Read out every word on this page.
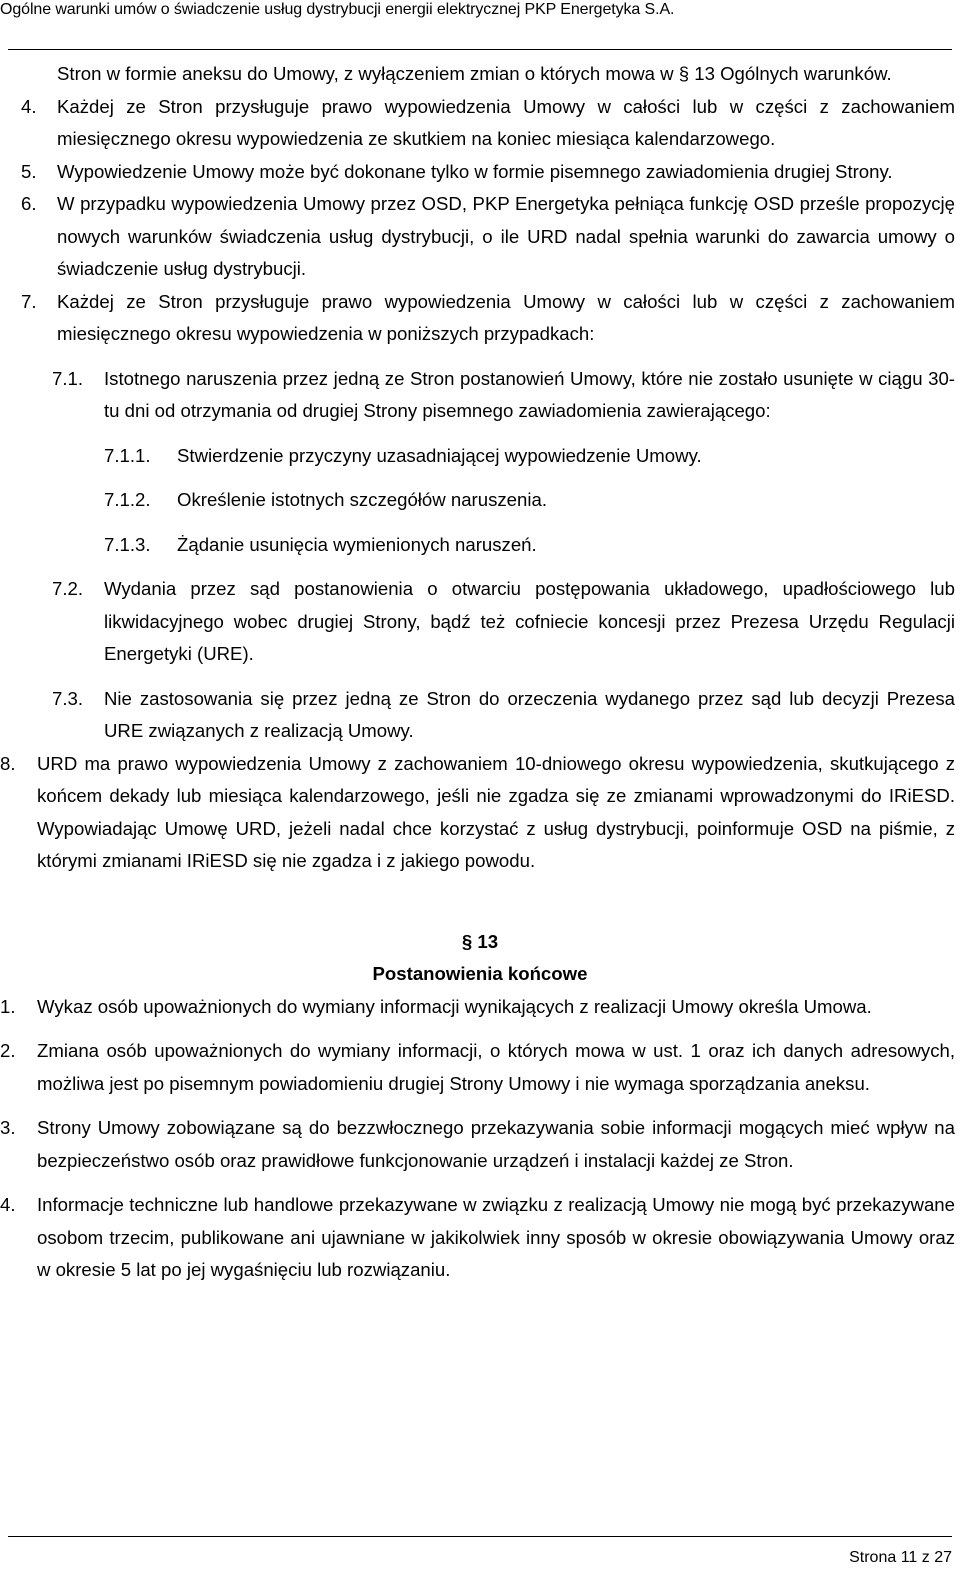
Ogólne warunki umów o świadczenie usług dystrybucji energii elektrycznej PKP Energetyka S.A.

Stron w formie aneksu do Umowy, z wyłączeniem zmian o których mowa w § 13 Ogólnych warunków.

4. Każdej ze Stron przysługuje prawo wypowiedzenia Umowy w całości lub w części z zachowaniem miesięcznego okresu wypowiedzenia ze skutkiem na koniec miesiąca kalendarzowego.
5. Wypowiedzenie Umowy może być dokonane tylko w formie pisemnego zawiadomienia drugiej Strony.
6. W przypadku wypowiedzenia Umowy przez OSD, PKP Energetyka pełniąca funkcję OSD prześle propozycję nowych warunków świadczenia usług dystrybucji, o ile URD nadal spełnia warunki do zawarcia umowy o świadczenie usług dystrybucji.
7. Każdej ze Stron przysługuje prawo wypowiedzenia Umowy w całości lub w części z zachowaniem miesięcznego okresu wypowiedzenia w poniższych przypadkach:
7.1. Istotnego naruszenia przez jedną ze Stron postanowień Umowy, które nie zostało usunięte w ciągu 30-tu dni od otrzymania od drugiej Strony pisemnego zawiadomienia zawierającego:
7.1.1. Stwierdzenie przyczyny uzasadniającej wypowiedzenie Umowy.
7.1.2. Określenie istotnych szczegółów naruszenia.
7.1.3. Żądanie usunięcia wymienionych naruszeń.
7.2. Wydania przez sąd postanowienia o otwarciu postępowania układowego, upadłościowego lub likwidacyjnego wobec drugiej Strony, bądź też cofniecie koncesji przez Prezesa Urzędu Regulacji Energetyki (URE).
7.3. Nie zastosowania się przez jedną ze Stron do orzeczenia wydanego przez sąd lub decyzji Prezesa URE związanych z realizacją Umowy.
8. URD ma prawo wypowiedzenia Umowy z zachowaniem 10-dniowego okresu wypowiedzenia, skutkującego z końcem dekady lub miesiąca kalendarzowego, jeśli nie zgadza się ze zmianami wprowadzonymi do IRiESD. Wypowiadając Umowę URD, jeżeli nadal chce korzystać z usług dystrybucji, poinformuje OSD na piśmie, z którymi zmianami IRiESD się nie zgadza i z jakiego powodu.

§ 13

Postanowienia końcowe

1. Wykaz osób upoważnionych do wymiany informacji wynikających z realizacji Umowy określa Umowa.
2. Zmiana osób upoważnionych do wymiany informacji, o których mowa w ust. 1 oraz ich danych adresowych, możliwa jest po pisemnym powiadomieniu drugiej Strony Umowy i nie wymaga sporządzania aneksu.
3. Strony Umowy zobowiązane są do bezzwłocznego przekazywania sobie informacji mogących mieć wpływ na bezpieczeństwo osób oraz prawidłowe funkcjonowanie urządzeń i instalacji każdej ze Stron.
4. Informacje techniczne lub handlowe przekazywane w związku z realizacją Umowy nie mogą być przekazywane osobom trzecim, publikowane ani ujawniane w jakikolwiek inny sposób w okresie obowiązywania Umowy oraz w okresie 5 lat po jej wygaśnięciu lub rozwiązaniu.
Strona 11 z 27
